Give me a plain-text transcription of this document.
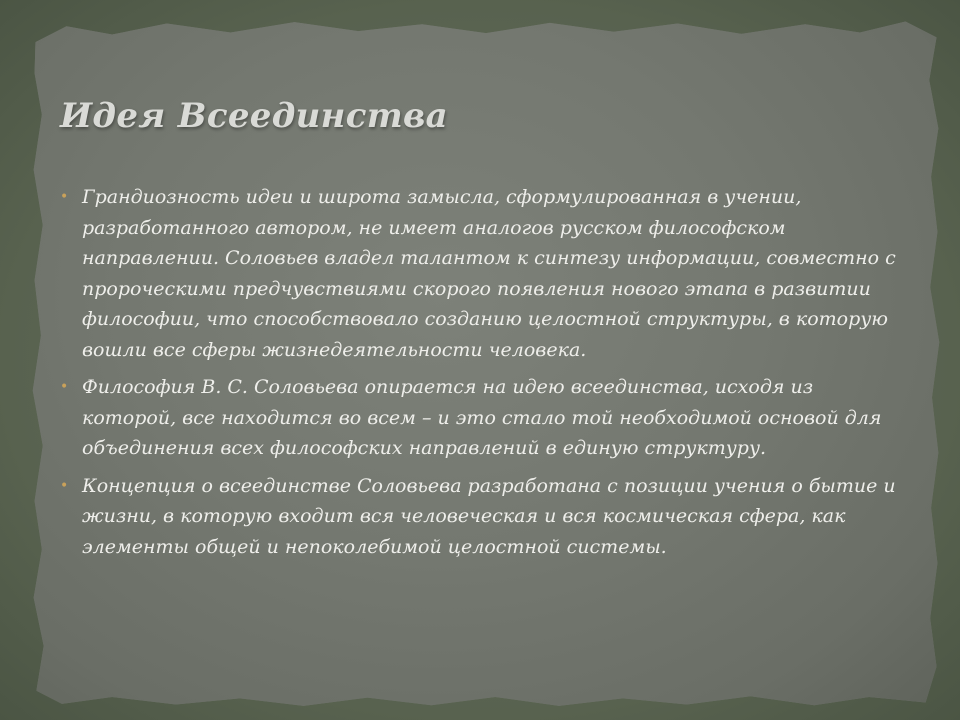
Идея Всеединства
• Грандиозность идеи и широта замысла, сформулированная в учении, разработанного автором, не имеет аналогов русском философском направлении. Соловьев владел талантом к синтезу информации, совместно с пророческими предчувствиями скорого появления нового этапа в развитии философии, что способствовало созданию целостной структуры, в которую вошли все сферы жизнедеятельности человека.
• Философия В. С. Соловьева опирается на идею всеединства, исходя из которой, все находится во всем – и это стало той необходимой основой для объединения всех философских направлений в единую структуру.
• Концепция о всеединстве Соловьева разработана с позиции учения о бытие и жизни, в которую входит вся человеческая и вся космическая сфера, как элементы общей и непоколебимой целостной системы.
